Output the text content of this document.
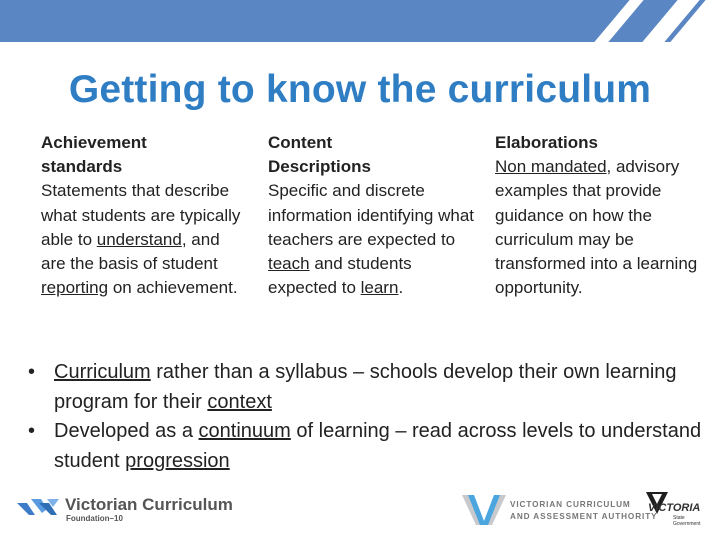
Getting to know the curriculum
Achievement
standards
Statements that describe what students are typically able to understand, and are the basis of student reporting on achievement.
Content
Descriptions
Specific and discrete information identifying what teachers are expected to teach and students expected to learn.
Elaborations
Non mandated, advisory examples that provide guidance on how the curriculum may be transformed into a learning opportunity.
• Curriculum rather than a syllabus – schools develop their own learning program for their context
• Developed as a continuum of learning – read across levels to understand student progression
Victorian Curriculum
Foundation–10
VICTORIAN CURRICULUM
AND ASSESSMENT AUTHORITY
VICTORIA
State
Government
